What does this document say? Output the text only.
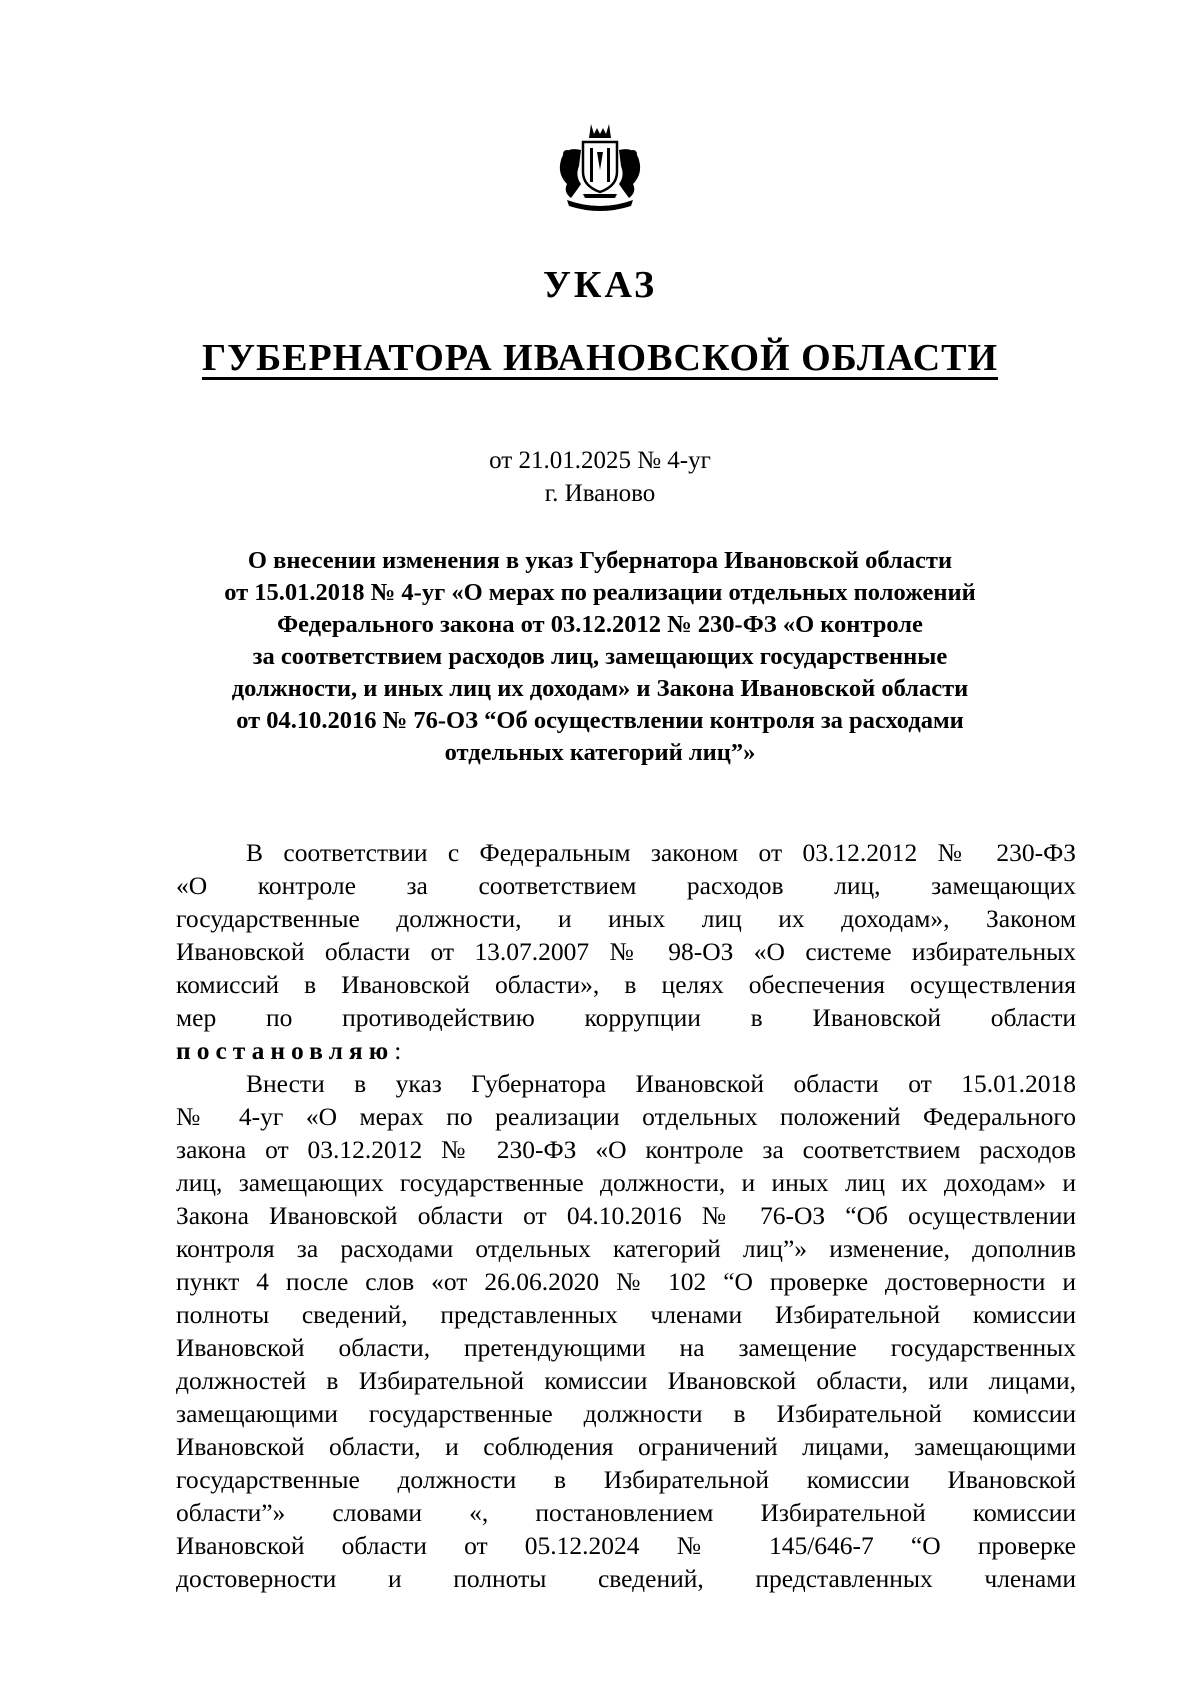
УКАЗ
ГУБЕРНАТОРА ИВАНОВСКОЙ ОБЛАСТИ
от 21.01.2025 № 4-уг
г. Иваново
О внесении изменения в указ Губернатора Ивановской области
от 15.01.2018 № 4-уг «О мерах по реализации отдельных положений
Федерального закона от 03.12.2012 № 230-ФЗ «О контроле
за соответствием расходов лиц, замещающих государственные
должности, и иных лиц их доходам» и Закона Ивановской области
от 04.10.2016 № 76-ОЗ “Об осуществлении контроля за расходами
отдельных категорий лиц”»
В соответствии с Федеральным законом от 03.12.2012 № 230-ФЗ
«О контроле за соответствием расходов лиц, замещающих
государственные должности, и иных лиц их доходам», Законом
Ивановской области от 13.07.2007 № 98-ОЗ «О системе избирательных
комиссий в Ивановской области», в целях обеспечения осуществления
мер по противодействию коррупции в Ивановской области
постановляю:
Внести в указ Губернатора Ивановской области от 15.01.2018
№ 4-уг «О мерах по реализации отдельных положений Федерального
закона от 03.12.2012 № 230-ФЗ «О контроле за соответствием расходов
лиц, замещающих государственные должности, и иных лиц их доходам» и
Закона Ивановской области от 04.10.2016 № 76-ОЗ “Об осуществлении
контроля за расходами отдельных категорий лиц”» изменение, дополнив
пункт 4 после слов «от 26.06.2020 № 102 “О проверке достоверности и
полноты сведений, представленных членами Избирательной комиссии
Ивановской области, претендующими на замещение государственных
должностей в Избирательной комиссии Ивановской области, или лицами,
замещающими государственные должности в Избирательной комиссии
Ивановской области, и соблюдения ограничений лицами, замещающими
государственные должности в Избирательной комиссии Ивановской
области”» словами «, постановлением Избирательной комиссии
Ивановской области от 05.12.2024 № 145/646-7 “О проверке
достоверности и полноты сведений, представленных членами
